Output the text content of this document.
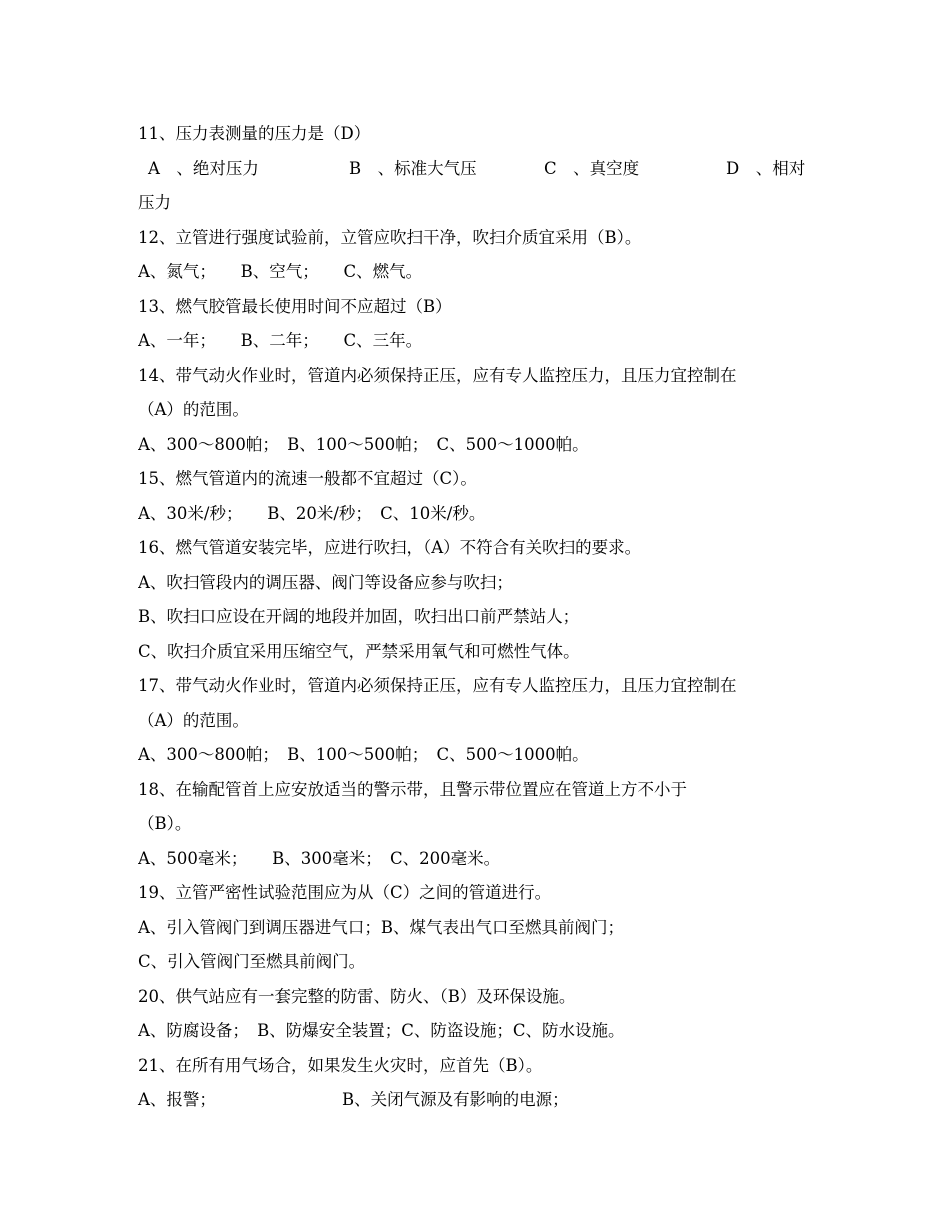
11、压力表测量的压力是（D）
A　、绝对压力	B　、标准大气压	C　、真空度	D　、相对
压力
12、立管进行强度试验前，立管应吹扫干净，吹扫介质宜采用（B）。
A、氮气；　　B、空气；　　C、燃气。
13、燃气胶管最长使用时间不应超过（B）
A、一年；　　B、二年；　　C、三年。
14、带气动火作业时，管道内必须保持正压，应有专人监控压力，且压力宜控制在
（A）的范围。
A、300～800帕；　B、100～500帕；　C、500～1000帕。
15、燃气管道内的流速一般都不宜超过（C）。
A、30米/秒；　　B、20米/秒；　C、10米/秒。
16、燃气管道安装完毕，应进行吹扫，（A）不符合有关吹扫的要求。
A、吹扫管段内的调压器、阀门等设备应参与吹扫；
B、吹扫口应设在开阔的地段并加固，吹扫出口前严禁站人；
C、吹扫介质宜采用压缩空气，严禁采用氧气和可燃性气体。
17、带气动火作业时，管道内必须保持正压，应有专人监控压力，且压力宜控制在
（A）的范围。
A、300～800帕；　B、100～500帕；　C、500～1000帕。
18、在输配管首上应安放适当的警示带，且警示带位置应在管道上方不小于
（B）。
A、500毫米；　　B、300毫米；　C、200毫米。
19、立管严密性试验范围应为从（C）之间的管道进行。
A、引入管阀门到调压器进气口；B、煤气表出气口至燃具前阀门；
C、引入管阀门至燃具前阀门。
20、供气站应有一套完整的防雷、防火、（B）及环保设施。
A、防腐设备；　B、防爆安全装置；C、防盗设施；C、防水设施。
21、在所有用气场合，如果发生火灾时，应首先（B）。
A、报警；	B、关闭气源及有影响的电源；
